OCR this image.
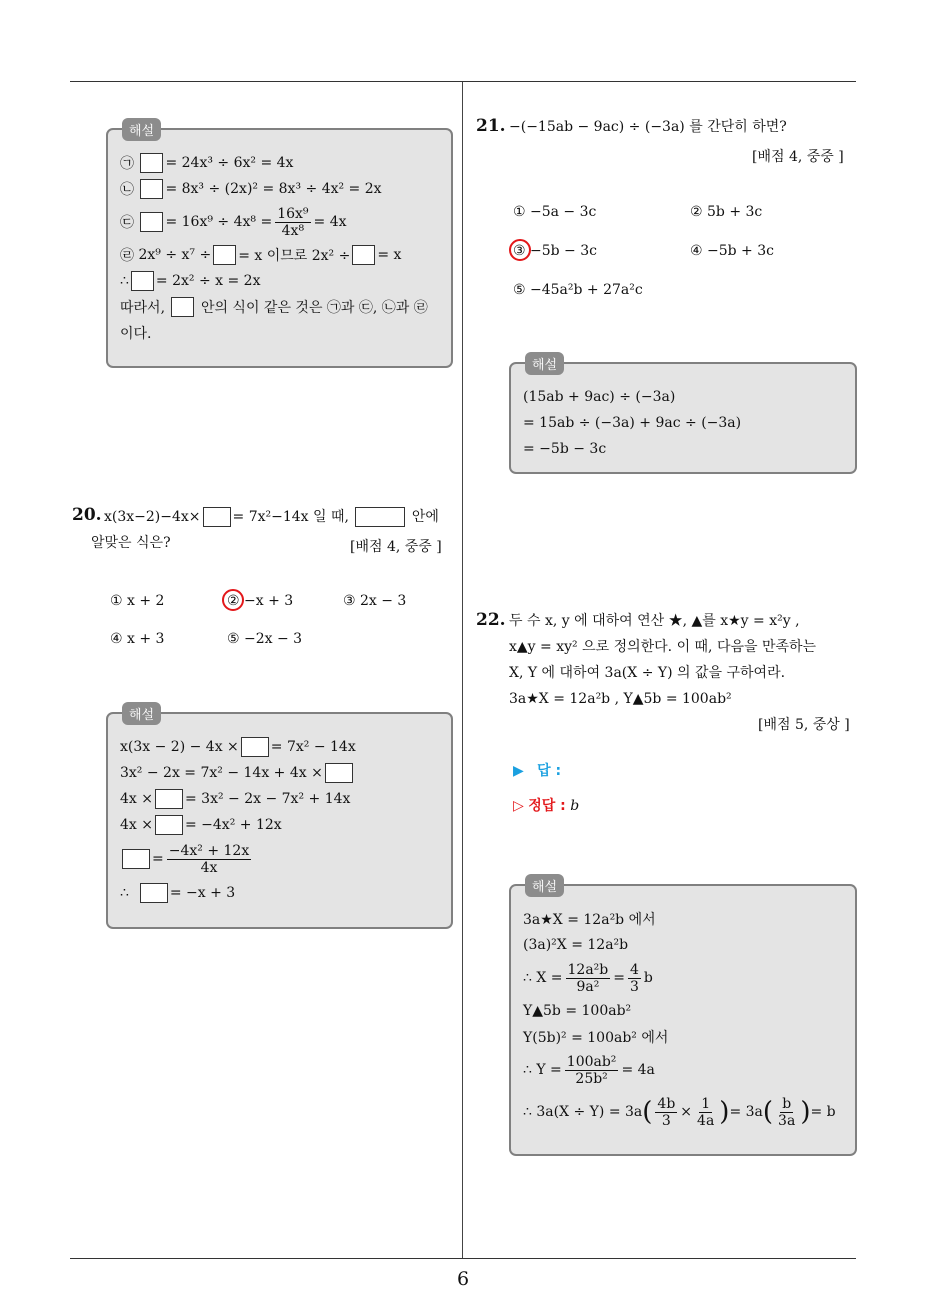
해설
㉠
= 24x³ ÷ 6x² = 4x
㉡
= 8x³ ÷ (2x)² = 8x³ ÷ 4x² = 2x
㉢
= $16x^9 \div 4x^8 = \frac{\text{16x⁹}}{\text{4x⁸}} = 4x$
㉣
2x⁹ ÷ x⁷ ÷ = x 이므로 2x² ÷ = x
∴ = 2x² ÷ x = 2x
따라서,

	안의 식이 같은 것은 ㉠과 ㉢, ㉡과 ㉣
이다.
20. x(3x−2)−4x× = 7x²−14x 일 때,

	안에
알맞은 식은?	[배점 4, 중중 ]
① x + 2	② −x + 3	③ 2x − 3
④ x + 3	⑤ −2x − 3
해설
x(3x − 2) − 4x × = 7x² − 14x
3x² − 2x = 7x² − 14x + 4x ×
4x × = 3x² − 2x − 7x² + 14x
4x × = −4x² + 12x
= $\frac{\text{−4x² + 12x}}{4x}$
∴
	= −x + 3
21. −(−15ab − 9ac) ÷ (−3a) 를 간단히 하면?
[배점 4, 중중 ]
① −5a − 3c	② 5b + 3c
③ −5b − 3c	④ −5b + 3c
⑤ −45a²b + 27a²c
해설
(15ab + 9ac) ÷ (−3a)
= 15ab ÷ (−3a) + 9ac ÷ (−3a)
= −5b − 3c
22. 두 수 x, y 에 대하여 연산 ★, ▲를 x★y = x²y ,
x▲y = xy² 으로 정의한다. 이 때, 다음을 만족하는
X, Y 에 대하여 3a(X ÷ Y) 의 값을 구하여라.
3a★X = 12a²b , Y▲5b = 100ab²
[배점 5, 중상 ]
▶ 답 :
▷ 정답 : b
해설
3a★X = 12a²b 에서
(3a)²X = 12a²b
∴ $X = \frac{\text{12a²b}}{\text{9a²}} = \frac{4}{3}$ b
Y▲5b = 100ab²
Y(5b)² = 100ab² 에서
∴ $Y = \frac{\text{100ab²}}{\text{25b²}} = 4a$
∴ 3a(X ÷ Y) = 3a ( $\frac{4b}{3} \times \frac{1}{4a}$ ) = 3a ( $\frac{b}{3a}$ ) = b
6
